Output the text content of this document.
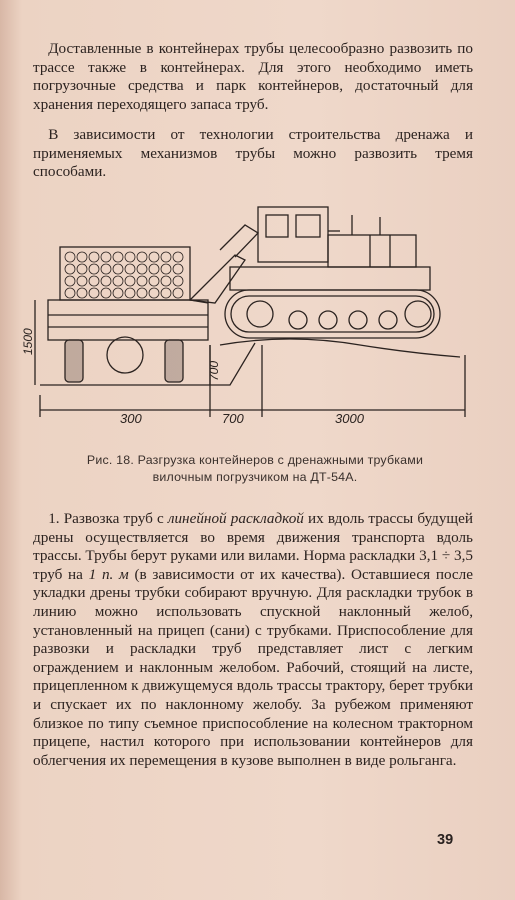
 Доставленные в контейнерах трубы целесообразно развозить по трассе также в контейнерах. Для этого необходимо иметь погрузочные средства и парк контейнеров, достаточный для хранения переходящего запаса труб.

 В зависимости от технологии строительства дренажа и применяемых механизмов трубы можно развозить тремя способами.

300	700	3000
700
1500
Рис. 18. Разгрузка контейнеров с дренажными трубками
вилочным погрузчиком на ДТ-54А.

 1. Развозка труб с линейной раскладкой их вдоль трассы будущей дрены осуществляется во время движения транспорта вдоль трассы. Трубы берут руками или вилами. Норма раскладки 3,1 ÷ 3,5 труб на 1 п. м (в зависимости от их качества). Оставшиеся после укладки дрены трубки собирают вручную. Для раскладки трубок в линию можно использовать спускной наклонный желоб, установленный на прицеп (сани) с трубками. Приспособление для развозки и раскладки труб представляет лист с легким ограждением и наклонным желобом. Рабочий, стоящий на листе, прицепленном к движущемуся вдоль трассы трактору, берет трубки и спускает их по наклонному желобу. За рубежом применяют близкое по типу съемное приспособление на колесном тракторном прицепе, настил которого при использовании контейнеров для облегчения их перемещения в кузове выполнен в виде рольганга.

39
